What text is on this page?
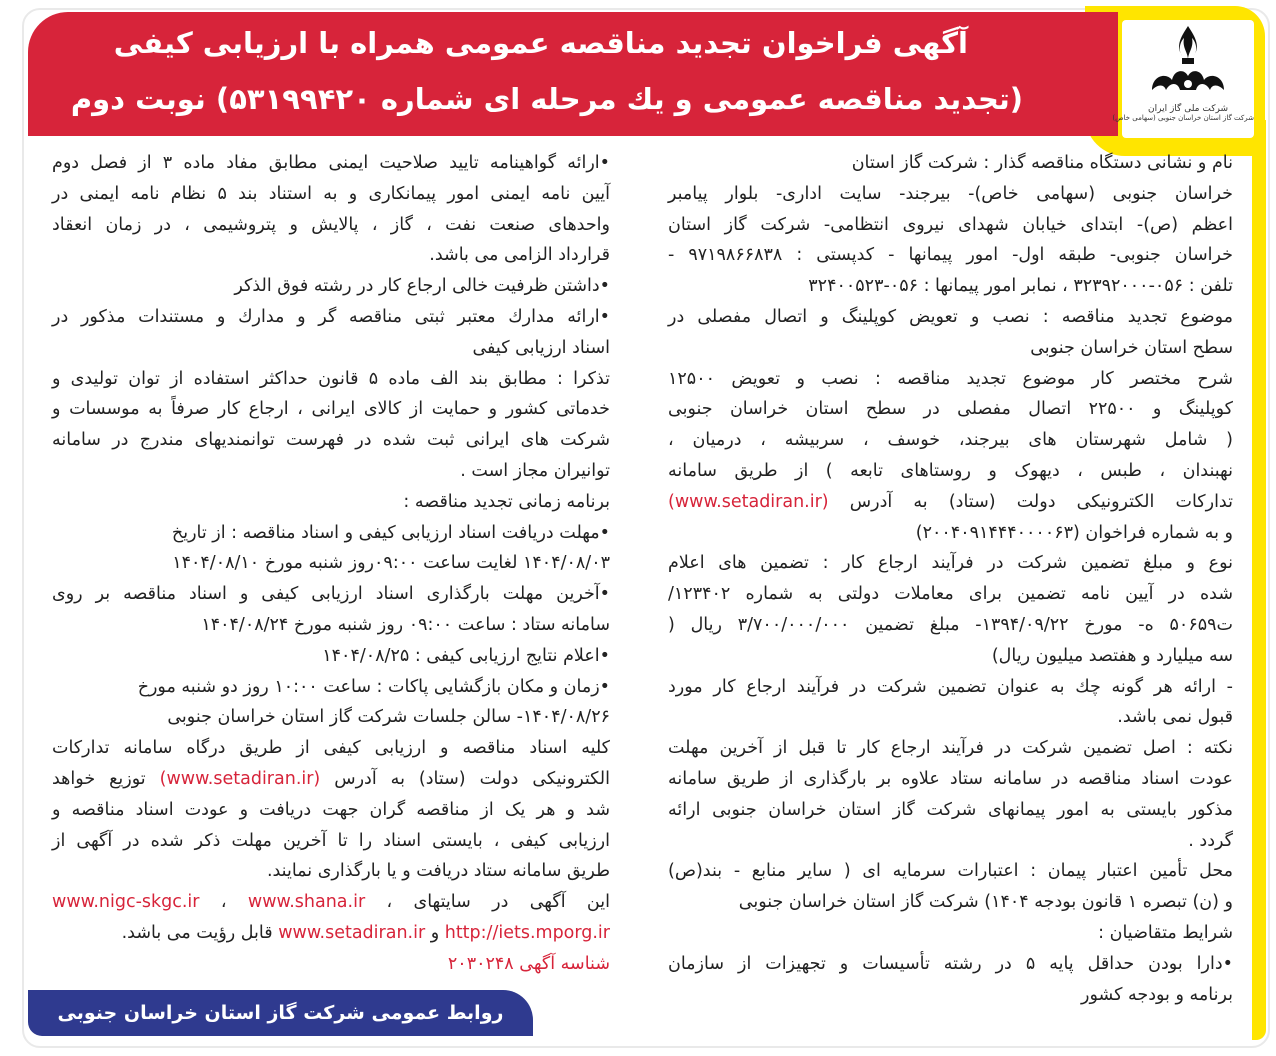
آگهی فراخوان تجدید مناقصه عمومی همراه با ارزیابی کیفی
(تجدید مناقصه عمومی و یك مرحله ای شماره ۵۳۱۹۹۴۲۰) نوبت دوم	شرکت ملی گاز ایران
شرکت گاز استان خراسان جنوبی (سهامی خاص)
نام و نشانی دستگاه مناقصه گذار : شرکت گاز استان
خراسان جنوبی (سهامی خاص)- بیرجند- سایت اداری- بلوار پیامبر
اعظم (ص)- ابتدای خیابان شهدای نیروی انتظامی- شرکت گاز استان
خراسان جنوبی- طبقه اول- امور پیمانها - کدپستی : ۹۷۱۹۸۶۶۸۳۸ -
تلفن : ۰۵۶-۳۲۳۹۲۰۰۰ ، نمابر امور پیمانها : ۰۵۶-۳۲۴۰۰۵۲۳
موضوع تجدید مناقصه : نصب و تعویض کوپلینگ و اتصال مفصلی در
سطح استان خراسان جنوبی
شرح مختصر کار موضوع تجدید مناقصه : نصب و تعویض ۱۲۵۰۰
کوپلینگ و ۲۲۵۰۰ اتصال مفصلی در سطح استان خراسان جنوبی
( شامل شهرستان های بیرجند، خوسف ، سربیشه ، درمیان ،
نهبندان ، طبس ، دیهوک و روستاهای تابعه ) از طریق سامانه
تدارکات الکترونیکی دولت (ستاد) به آدرس (www.setadiran.ir)
و به شماره فراخوان (۲۰۰۴۰۹۱۴۴۴۰۰۰۰۶۳)
نوع و مبلغ تضمین شرکت در فرآیند ارجاع کار : تضمین های اعلام
شده در آیین نامه تضمین برای معاملات دولتی به شماره ۱۲۳۴۰۲/
ت۵۰۶۵۹ ه- مورخ ۱۳۹۴/۰۹/۲۲- مبلغ تضمین ۳/۷۰۰/۰۰۰/۰۰۰ ریال (
سه میلیارد و هفتصد میلیون ریال)
- ارائه هر گونه چك به عنوان تضمین شرکت در فرآیند ارجاع کار مورد
قبول نمی باشد.
نکته : اصل تضمین شرکت در فرآیند ارجاع کار تا قبل از آخرین مهلت
عودت اسناد مناقصه در سامانه ستاد علاوه بر بارگذاری از طریق سامانه
مذکور بایستی به امور پیمانهای شرکت گاز استان خراسان جنوبی ارائه
گردد .
محل تأمین اعتبار پیمان : اعتبارات سرمایه ای ( سایر منابع - بند(ص)
و (ن) تبصره ۱ قانون بودجه ۱۴۰۴) شرکت گاز استان خراسان جنوبی
شرایط متقاضیان :
•دارا بودن حداقل پایه ۵ در رشته تأسیسات و تجهیزات از سازمان
برنامه و بودجه کشور
•ارائه گواهینامه تایید صلاحیت ایمنی مطابق مفاد ماده ۳ از فصل دوم
آیین نامه ایمنی امور پیمانکاری و به استناد بند ۵ نظام نامه ایمنی در
واحدهای صنعت نفت ، گاز ، پالایش و پتروشیمی ، در زمان انعقاد
قرارداد الزامی می باشد.
•داشتن ظرفیت خالی ارجاع کار در رشته فوق الذکر
•ارائه مدارك معتبر ثبتی مناقصه گر و مدارك و مستندات مذکور در
اسناد ارزیابی کیفی
تذکرا : مطابق بند الف ماده ۵ قانون حداکثر استفاده از توان تولیدی و
خدماتی کشور و حمایت از کالای ایرانی ، ارجاع کار صرفاً به موسسات و
شرکت های ایرانی ثبت شده در فهرست توانمندیهای مندرج در سامانه
توانیران مجاز است .
برنامه زمانی تجدید مناقصه :
•مهلت دریافت اسناد ارزیابی کیفی و اسناد مناقصه : از تاریخ
۱۴۰۴/۰۸/۰۳ لغایت ساعت ۰۹:۰۰روز شنبه مورخ ۱۴۰۴/۰۸/۱۰
•آخرین مهلت بارگذاری اسناد ارزیابی کیفی و اسناد مناقصه بر روی
سامانه ستاد : ساعت ۰۹:۰۰ روز شنبه مورخ ۱۴۰۴/۰۸/۲۴
•اعلام نتایج ارزیابی کیفی : ۱۴۰۴/۰۸/۲۵
•زمان و مکان بازگشایی پاکات : ساعت ۱۰:۰۰ روز دو شنبه مورخ
۱۴۰۴/۰۸/۲۶- سالن جلسات شرکت گاز استان خراسان جنوبی
کلیه اسناد مناقصه و ارزیابی کیفی از طریق درگاه سامانه تدارکات
الکترونیکی دولت (ستاد) به آدرس (www.setadiran.ir) توزیع خواهد
شد و هر یک از مناقصه گران جهت دریافت و عودت اسناد مناقصه و
ارزیابی کیفی ، بایستی اسناد را تا آخرین مهلت ذکر شده در آگهی از
طریق سامانه ستاد دریافت و یا بارگذاری نمایند.
این آگهی در سایتهای ، www.shana.ir ، www.nigc-skgc.ir
http://iets.mporg.ir و www.setadiran.ir قابل رؤیت می باشد.
شناسه آگهی ۲۰۳۰۲۴۸
روابط عمومی شرکت گاز استان خراسان جنوبی
